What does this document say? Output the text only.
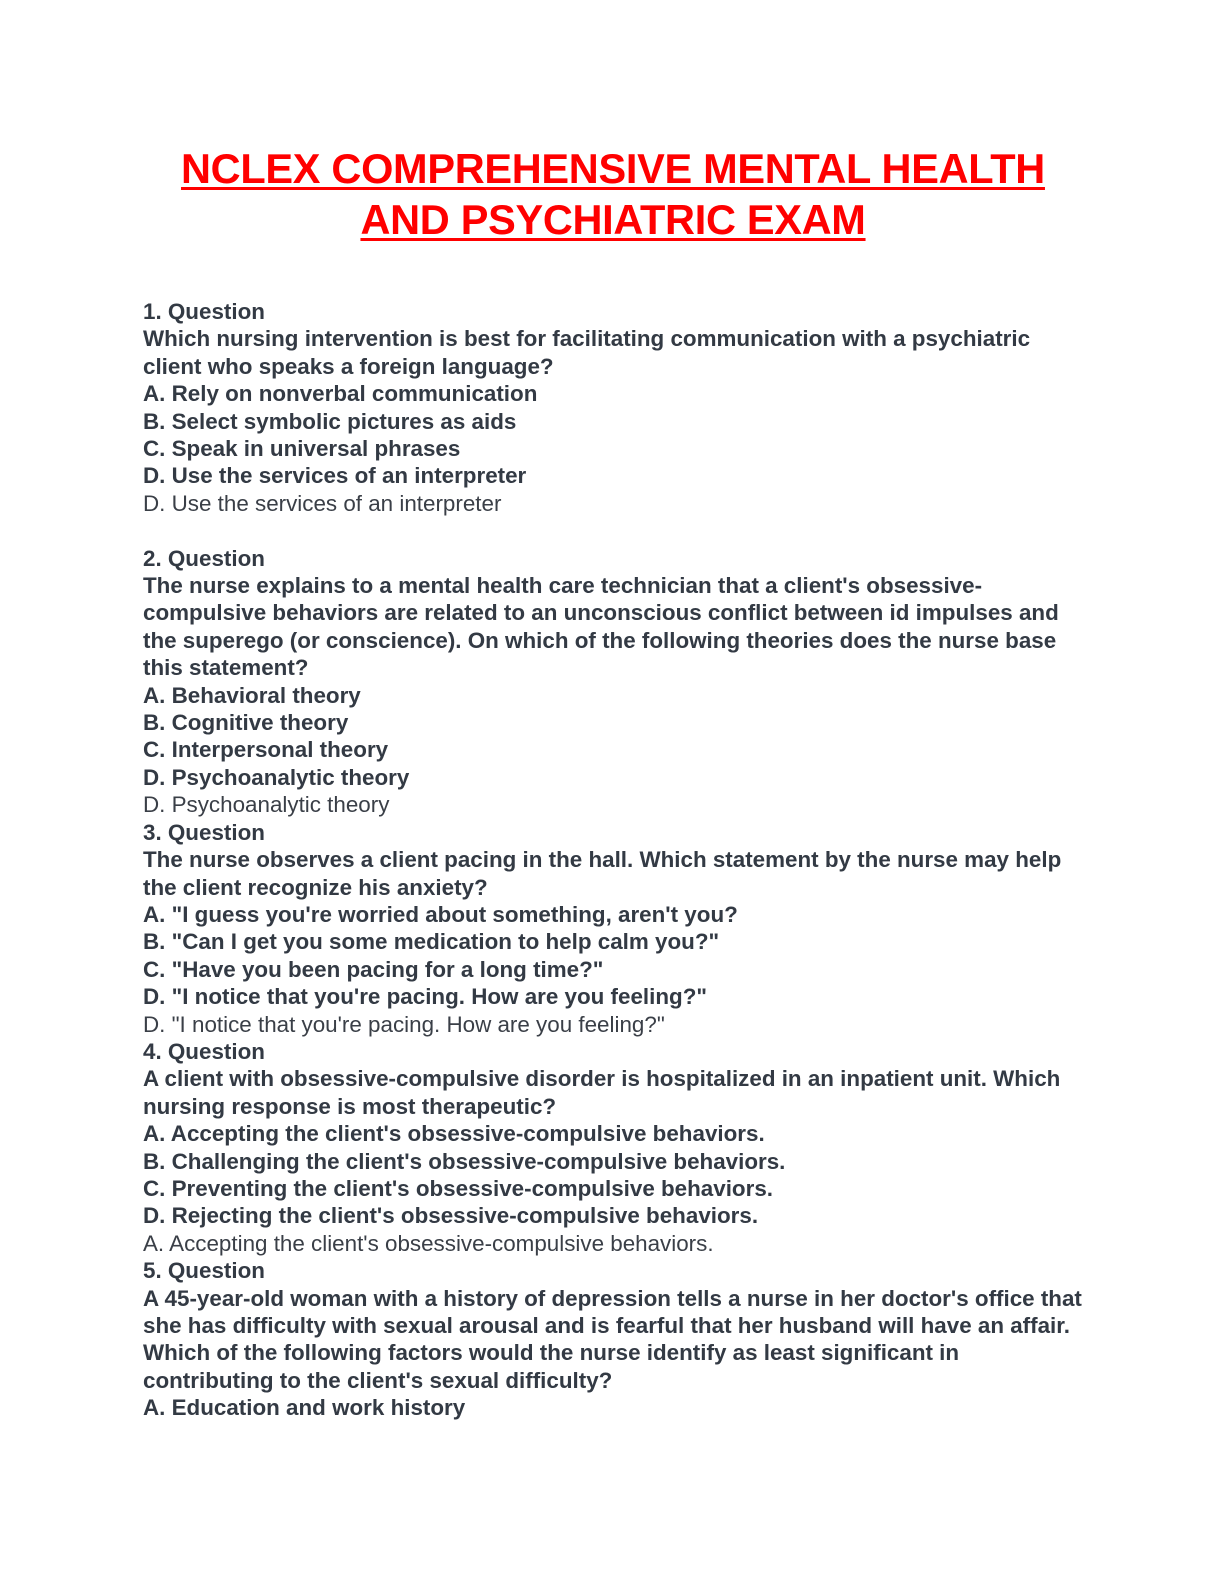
NCLEX COMPREHENSIVE MENTAL HEALTH
AND PSYCHIATRIC EXAM
1. Question
Which nursing intervention is best for facilitating communication with a psychiatric client who speaks a foreign language?
A. Rely on nonverbal communication
B. Select symbolic pictures as aids
C. Speak in universal phrases
D. Use the services of an interpreter
D. Use the services of an interpreter
2. Question
The nurse explains to a mental health care technician that a client's obsessive-compulsive behaviors are related to an unconscious conflict between id impulses and the superego (or conscience). On which of the following theories does the nurse base this statement?
A. Behavioral theory
B. Cognitive theory
C. Interpersonal theory
D. Psychoanalytic theory
D. Psychoanalytic theory
3. Question
The nurse observes a client pacing in the hall. Which statement by the nurse may help the client recognize his anxiety?
A. "I guess you're worried about something, aren't you?
B. "Can I get you some medication to help calm you?"
C. "Have you been pacing for a long time?"
D. "I notice that you're pacing. How are you feeling?"
D. "I notice that you're pacing. How are you feeling?"
4. Question
A client with obsessive-compulsive disorder is hospitalized in an inpatient unit. Which nursing response is most therapeutic?
A. Accepting the client's obsessive-compulsive behaviors.
B. Challenging the client's obsessive-compulsive behaviors.
C. Preventing the client's obsessive-compulsive behaviors.
D. Rejecting the client's obsessive-compulsive behaviors.
A. Accepting the client's obsessive-compulsive behaviors.
5. Question
A 45-year-old woman with a history of depression tells a nurse in her doctor's office that she has difficulty with sexual arousal and is fearful that her husband will have an affair. Which of the following factors would the nurse identify as least significant in contributing to the client's sexual difficulty?
A. Education and work history
